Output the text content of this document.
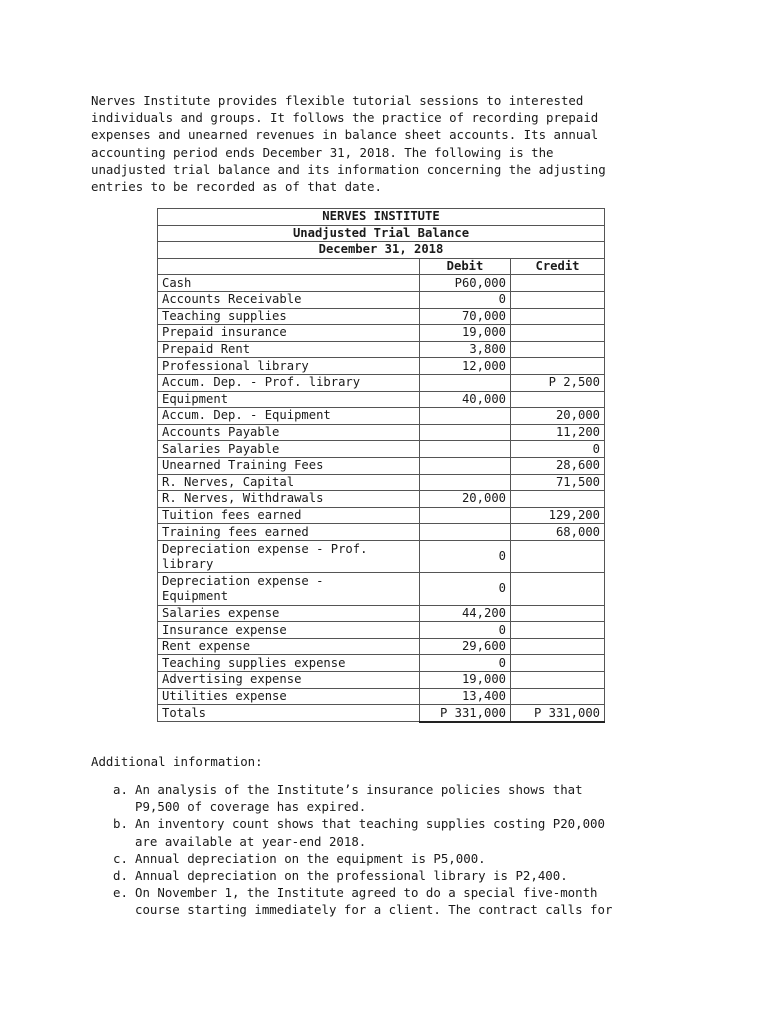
Nerves Institute provides flexible tutorial sessions to interested

individuals and groups. It follows the practice of recording prepaid

expenses and unearned revenues in balance sheet accounts. Its annual

accounting period ends December 31, 2018. The following is the

unadjusted trial balance and its information concerning the adjusting

entries to be recorded as of that date.

NERVES INSTITUTE		
Unadjusted Trial Balance		
December 31, 2018		
	Debit	Credit
Cash	P60,000	
Accounts Receivable	0	
Teaching supplies	70,000	
Prepaid insurance	19,000	
Prepaid Rent	3,800	
Professional library	12,000	
Accum. Dep. - Prof. library		P 2,500
Equipment	40,000	
Accum. Dep. - Equipment		20,000
Accounts Payable		11,200
Salaries Payable		0
Unearned Training Fees		28,600
R. Nerves, Capital		71,500
R. Nerves, Withdrawals	20,000	
Tuition fees earned		129,200
Training fees earned		68,000
Depreciation expense - Prof.
library	0	
Depreciation expense -
Equipment	0	
Salaries expense	44,200	
Insurance expense	0	
Rent expense	29,600	
Teaching supplies expense	0	
Advertising expense	19,000	
Utilities expense	13,400	
Totals	P 331,000	P 331,000

Additional information:

a. An analysis of the Institute’s insurance policies shows that
P9,500 of coverage has expired.
b. An inventory count shows that teaching supplies costing P20,000
are available at year-end 2018.
c. Annual depreciation on the equipment is P5,000.
d. Annual depreciation on the professional library is P2,400.
e. On November 1, the Institute agreed to do a special five-month
course starting immediately for a client. The contract calls for
